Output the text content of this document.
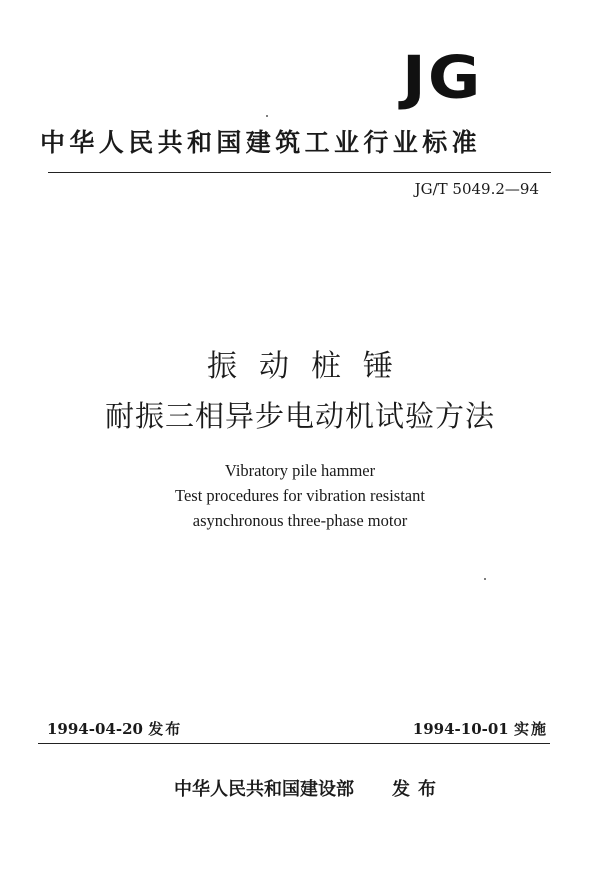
JG
中华人民共和国建筑工业行业标准
JG/T 5049.2—94
振动桩锤
耐振三相异步电动机试验方法
Vibratory pile hammer
Test procedures for vibration resistant
asynchronous three-phase motor
1994-04-20 发布	1994-10-01 实施
中华人民共和国建设部 发布
